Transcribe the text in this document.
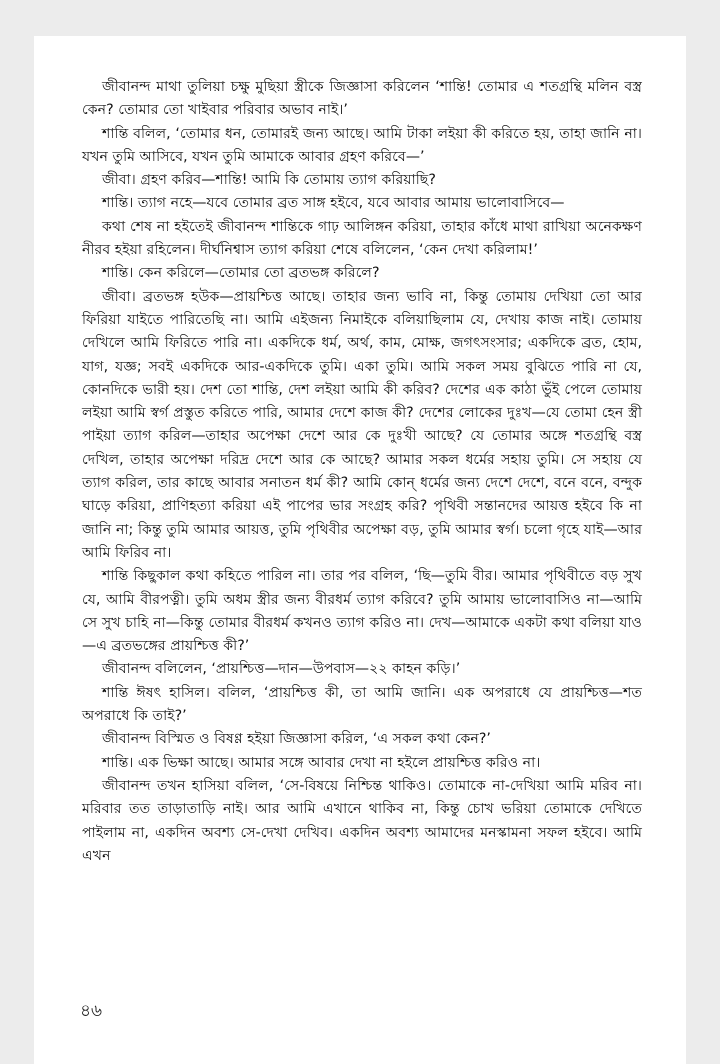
জীবানন্দ মাথা তুলিয়া চক্ষু মুছিয়া স্ত্রীকে জিজ্ঞাসা করিলেন ‘শান্তি! তোমার এ শতগ্রন্থি মলিন বস্ত্র কেন? তোমার তো খাইবার পরিবার অভাব নাই।’

শান্তি বলিল, ‘তোমার ধন, তোমারই জন্য আছে। আমি টাকা লইয়া কী করিতে হয়, তাহা জানি না। যখন তুমি আসিবে, যখন তুমি আমাকে আবার গ্রহণ করিবে—’

জীবা। গ্রহণ করিব—শান্তি! আমি কি তোমায় ত্যাগ করিয়াছি?

শান্তি। ত্যাগ নহে—যবে তোমার ব্রত সাঙ্গ হইবে, যবে আবার আমায় ভালোবাসিবে—

কথা শেষ না হইতেই জীবানন্দ শান্তিকে গাঢ় আলিঙ্গন করিয়া, তাহার কাঁধে মাথা রাখিয়া অনেকক্ষণ নীরব হইয়া রহিলেন। দীর্ঘনিশ্বাস ত্যাগ করিয়া শেষে বলিলেন, ‘কেন দেখা করিলাম!’

শান্তি। কেন করিলে—তোমার তো ব্রতভঙ্গ করিলে?

জীবা। ব্রতভঙ্গ হউক—প্রায়শ্চিত্ত আছে। তাহার জন্য ভাবি না, কিন্তু তোমায় দেখিয়া তো আর ফিরিয়া যাইতে পারিতেছি না। আমি এইজন্য নিমাইকে বলিয়াছিলাম যে, দেখায় কাজ নাই। তোমায় দেখিলে আমি ফিরিতে পারি না। একদিকে ধর্ম, অর্থ, কাম, মোক্ষ, জগৎসংসার; একদিকে ব্রত, হোম, যাগ, যজ্ঞ; সবই একদিকে আর-একদিকে তুমি। একা তুমি। আমি সকল সময় বুঝিতে পারি না যে, কোনদিকে ভারী হয়। দেশ তো শান্তি, দেশ লইয়া আমি কী করিব? দেশের এক কাঠা ভুঁই পেলে তোমায় লইয়া আমি স্বর্গ প্রস্তুত করিতে পারি, আমার দেশে কাজ কী? দেশের লোকের দুঃখ—যে তোমা হেন স্ত্রী পাইয়া ত্যাগ করিল—তাহার অপেক্ষা দেশে আর কে দুঃখী আছে? যে তোমার অঙ্গে শতগ্রন্থি বস্ত্র দেখিল, তাহার অপেক্ষা দরিদ্র দেশে আর কে আছে? আমার সকল ধর্মের সহায় তুমি। সে সহায় যে ত্যাগ করিল, তার কাছে আবার সনাতন ধর্ম কী? আমি কোন্ ধর্মের জন্য দেশে দেশে, বনে বনে, বন্দুক ঘাড়ে করিয়া, প্রাণিহত্যা করিয়া এই পাপের ভার সংগ্রহ করি? পৃথিবী সন্তানদের আয়ত্ত হইবে কি না জানি না; কিন্তু তুমি আমার আয়ত্ত, তুমি পৃথিবীর অপেক্ষা বড়, তুমি আমার স্বর্গ। চলো গৃহে যাই—আর আমি ফিরিব না।

শান্তি কিছুকাল কথা কহিতে পারিল না। তার পর বলিল, ‘ছি—তুমি বীর। আমার পৃথিবীতে বড় সুখ যে, আমি বীরপত্নী। তুমি অধম স্ত্রীর জন্য বীরধর্ম ত্যাগ করিবে? তুমি আমায় ভালোবাসিও না—আমি সে সুখ চাহি না—কিন্তু তোমার বীরধর্ম কখনও ত্যাগ করিও না। দেখ—আমাকে একটা কথা বলিয়া যাও—এ ব্রতভঙ্গের প্রায়শ্চিত্ত কী?’

জীবানন্দ বলিলেন, ‘প্রায়শ্চিত্ত—দান—উপবাস—২২ কাহন কড়ি।’

শান্তি ঈষৎ হাসিল। বলিল, ‘প্রায়শ্চিত্ত কী, তা আমি জানি। এক অপরাধে যে প্রায়শ্চিত্ত—শত অপরাধে কি তাই?’

জীবানন্দ বিস্মিত ও বিষণ্ণ হইয়া জিজ্ঞাসা করিল, ‘এ সকল কথা কেন?’

শান্তি। এক ভিক্ষা আছে। আমার সঙ্গে আবার দেখা না হইলে প্রায়শ্চিত্ত করিও না।

জীবানন্দ তখন হাসিয়া বলিল, ‘সে-বিষয়ে নিশ্চিন্ত থাকিও। তোমাকে না-দেখিয়া আমি মরিব না। মরিবার তত তাড়াতাড়ি নাই। আর আমি এখানে থাকিব না, কিন্তু চোখ ভরিয়া তোমাকে দেখিতে পাইলাম না, একদিন অবশ্য সে-দেখা দেখিব। একদিন অবশ্য আমাদের মনস্কামনা সফল হইবে। আমি এখন

৪৬
